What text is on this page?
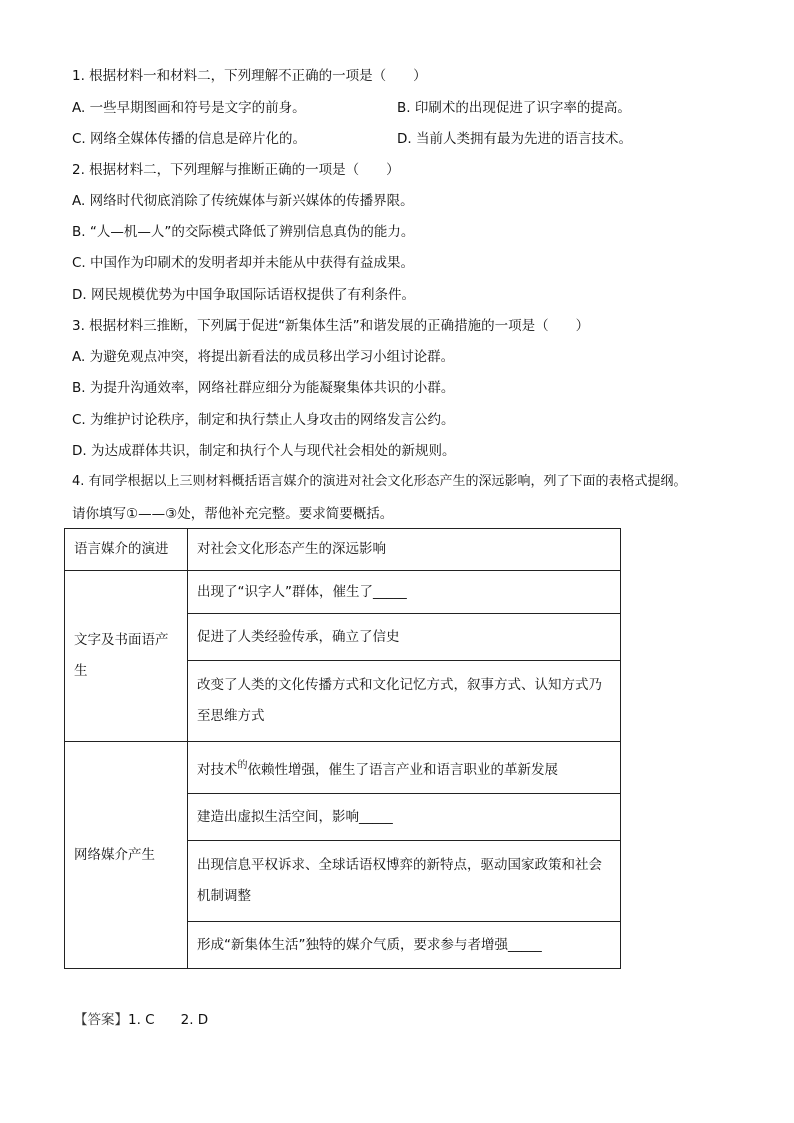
1. 根据材料一和材料二，下列理解不正确的一项是（　　）
A. 一些早期图画和符号是文字的前身。	B. 印刷术的出现促进了识字率的提高。
C. 网络全媒体传播的信息是碎片化的。	D. 当前人类拥有最为先进的语言技术。
2. 根据材料二，下列理解与推断正确的一项是（　　）
A. 网络时代彻底消除了传统媒体与新兴媒体的传播界限。
B. “人—机—人”的交际模式降低了辨别信息真伪的能力。
C. 中国作为印刷术的发明者却并未能从中获得有益成果。
D. 网民规模优势为中国争取国际话语权提供了有利条件。
3. 根据材料三推断，下列属于促进“新集体生活”和谐发展的正确措施的一项是（　　）
A. 为避免观点冲突，将提出新看法的成员移出学习小组讨论群。
B. 为提升沟通效率，网络社群应细分为能凝聚集体共识的小群。
C. 为维护讨论秩序，制定和执行禁止人身攻击的网络发言公约。
D. 为达成群体共识，制定和执行个人与现代社会相处的新规则。
4. 有同学根据以上三则材料概括语言媒介的演进对社会文化形态产生的深远影响，列了下面的表格式提纲。
请你填写①——③处，帮他补充完整。要求简要概括。
语言媒介的演进	对社会文化形态产生的深远影响
文字及书面语产生	出现了“识字人”群体，催生了_____
	促进了人类经验传承，确立了信史
	改变了人类的文化传播方式和文化记忆方式，叙事方式、认知方式乃至思维方式
网络媒介产生	对技术$^的$依赖性增强，催生了语言产业和语言职业的革新发展
	建造出虚拟生活空间，影响_____
	出现信息平权诉求、全球话语权博弈的新特点，驱动国家政策和社会机制调整
	形成“新集体生活”独特的媒介气质，要求参与者增强_____
【答案】1. C 2. D
